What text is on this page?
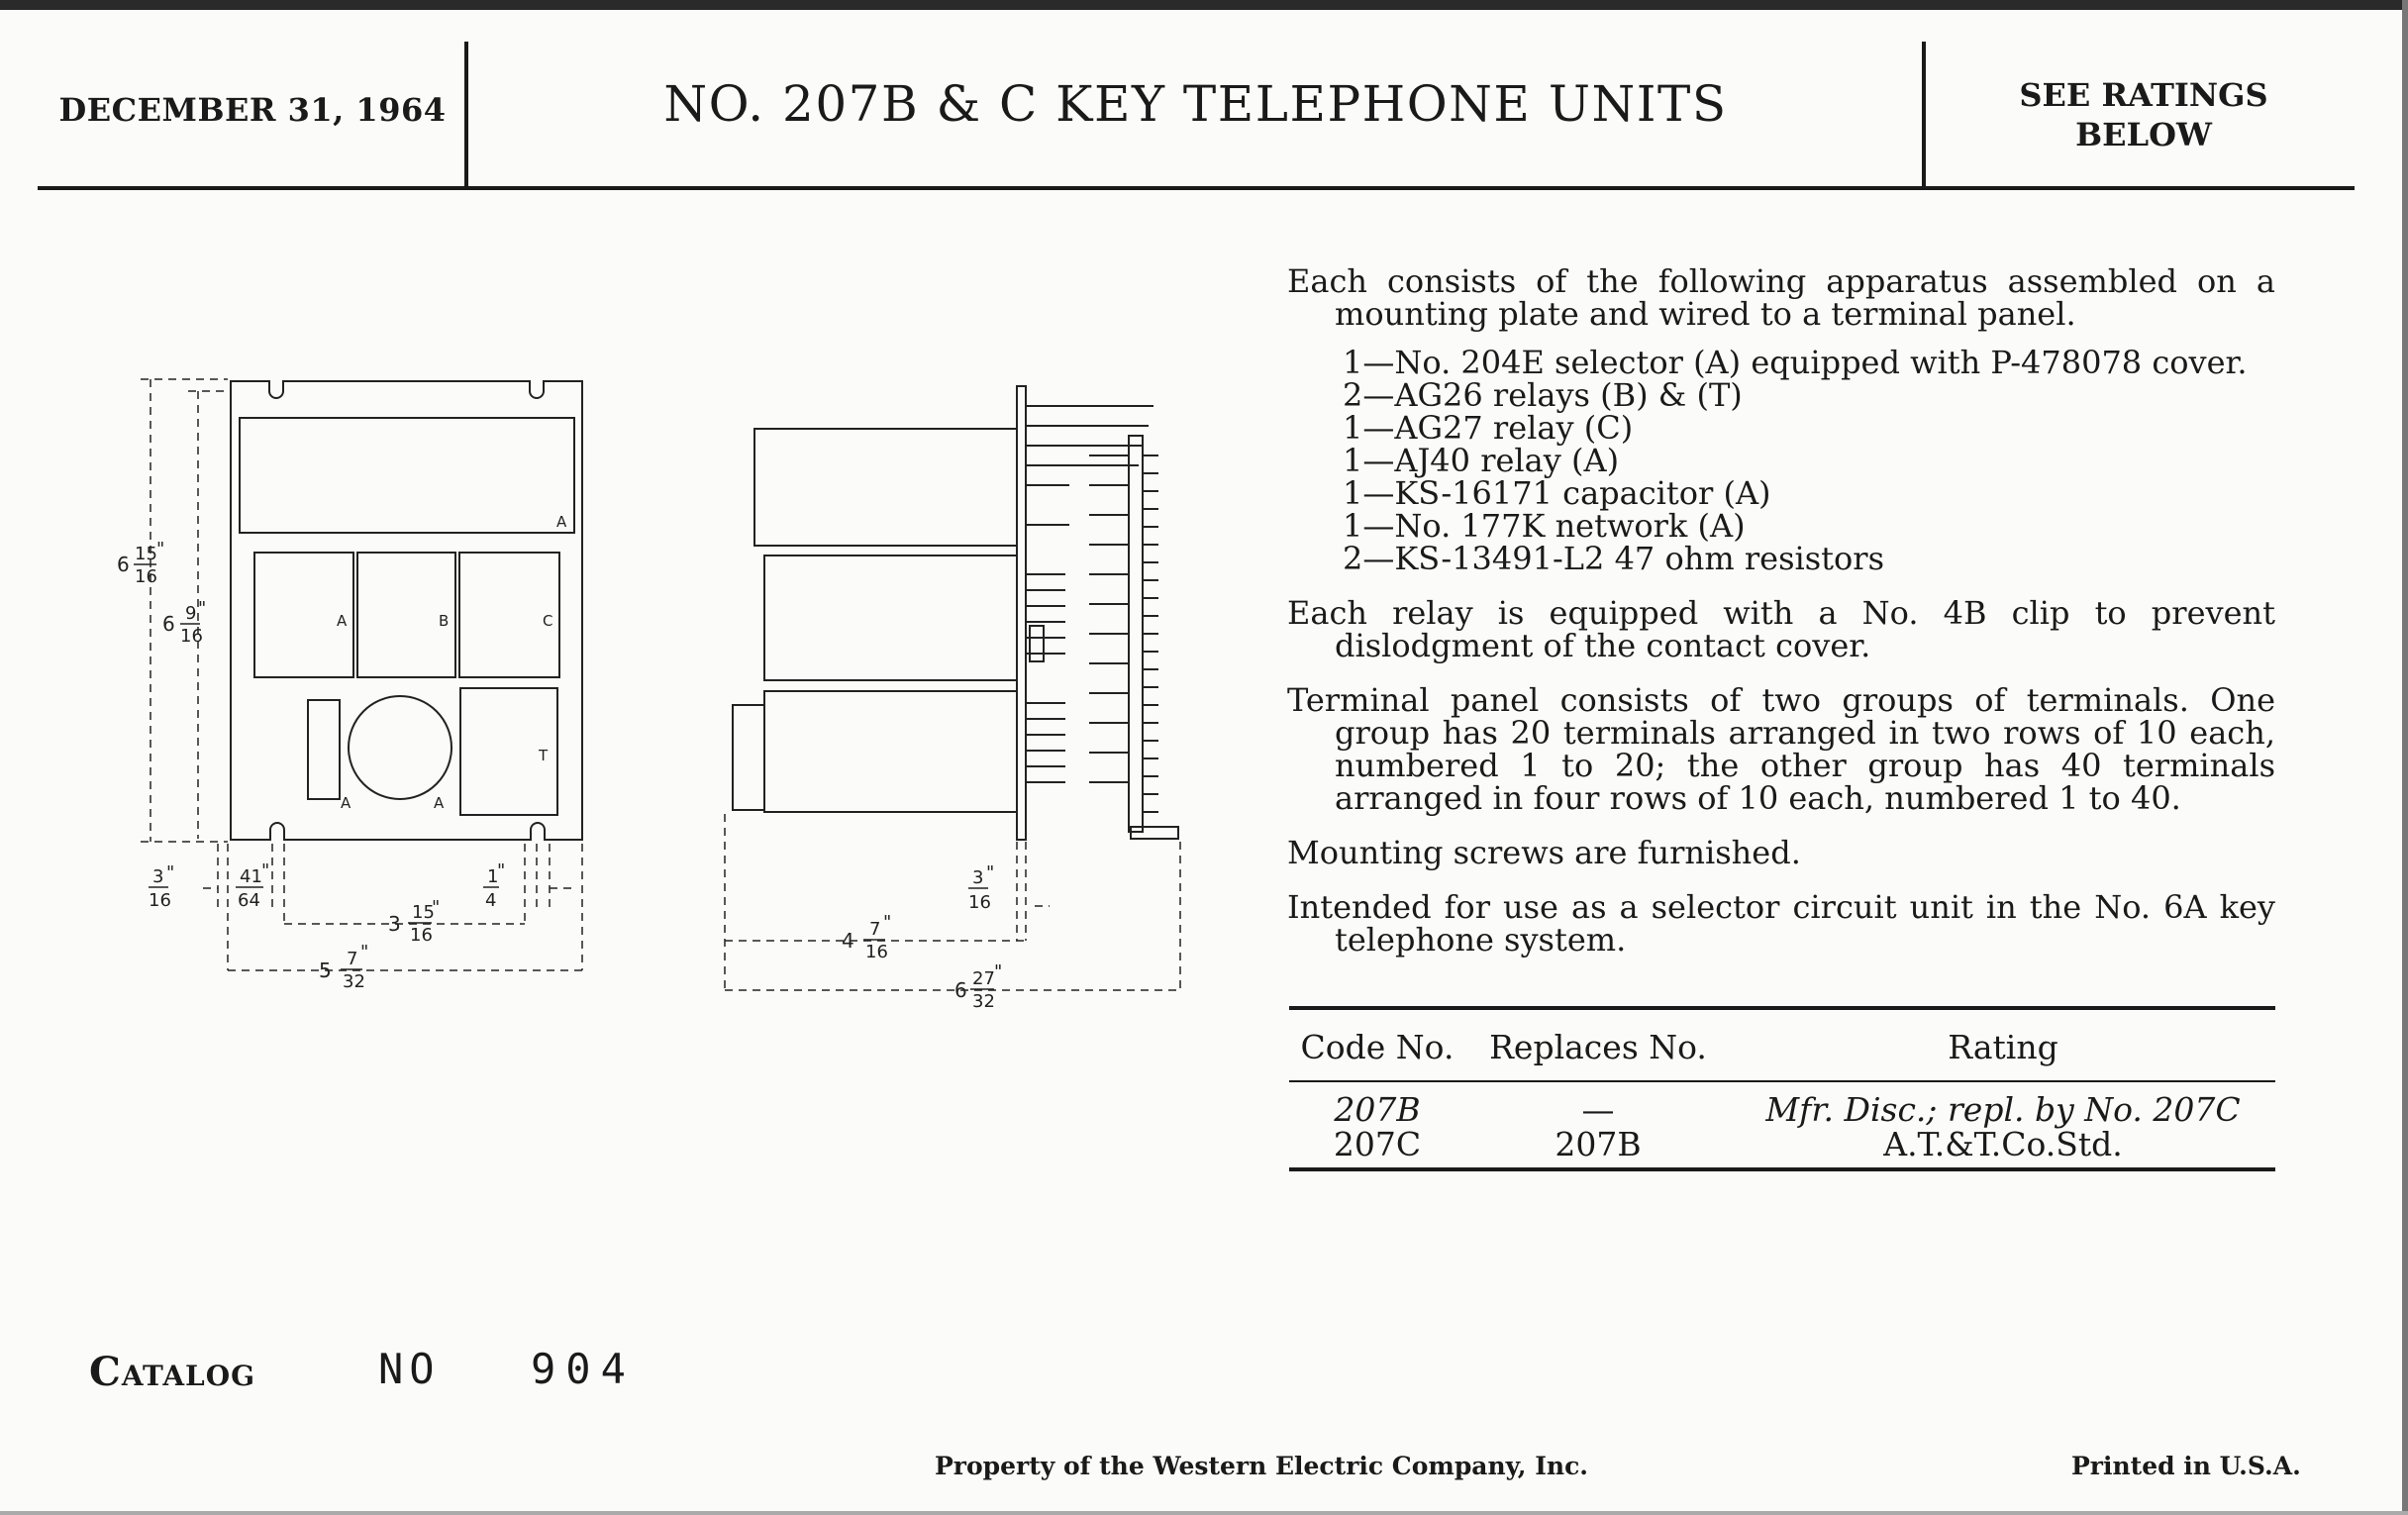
DECEMBER 31, 1964	NO. 207B & C KEY TELEPHONE UNITS	SEE RATINGS
BELOW
A
A	B	C
A	A
T
6 15
16
"
6 9
16
"
3
16
"	41
64
"	1
4
"
3 15
16
"
5 7
32
"
3
16
"
4 7
16
"
6 27
32
"

Each consists of the following apparatus assembled on a mounting plate and wired to a terminal panel.

1—No. 204E selector (A) equipped with P-478078 cover.
2—AG26 relays (B) & (T)
1—AG27 relay (C)
1—AJ40 relay (A)
1—KS-16171 capacitor (A)
1—No. 177K network (A)
2—KS-13491-L2 47 ohm resistors

Each relay is equipped with a No. 4B clip to prevent dislodgment of the contact cover.

Terminal panel consists of two groups of terminals. One group has 20 terminals arranged in two rows of 10 each, numbered 1 to 20; the other group has 40 terminals arranged in four rows of 10 each, numbered 1 to 40.

Mounting screws are furnished.

Intended for use as a selector circuit unit in the No. 6A key telephone system.

Code No.	Replaces No.	Rating
207B	—	Mfr. Disc.; repl. by No. 207C
207C	207B	A.T.&T.Co.Std.
Catalog	NO 904
Property of the Western Electric Company, Inc.	Printed in U.S.A.
